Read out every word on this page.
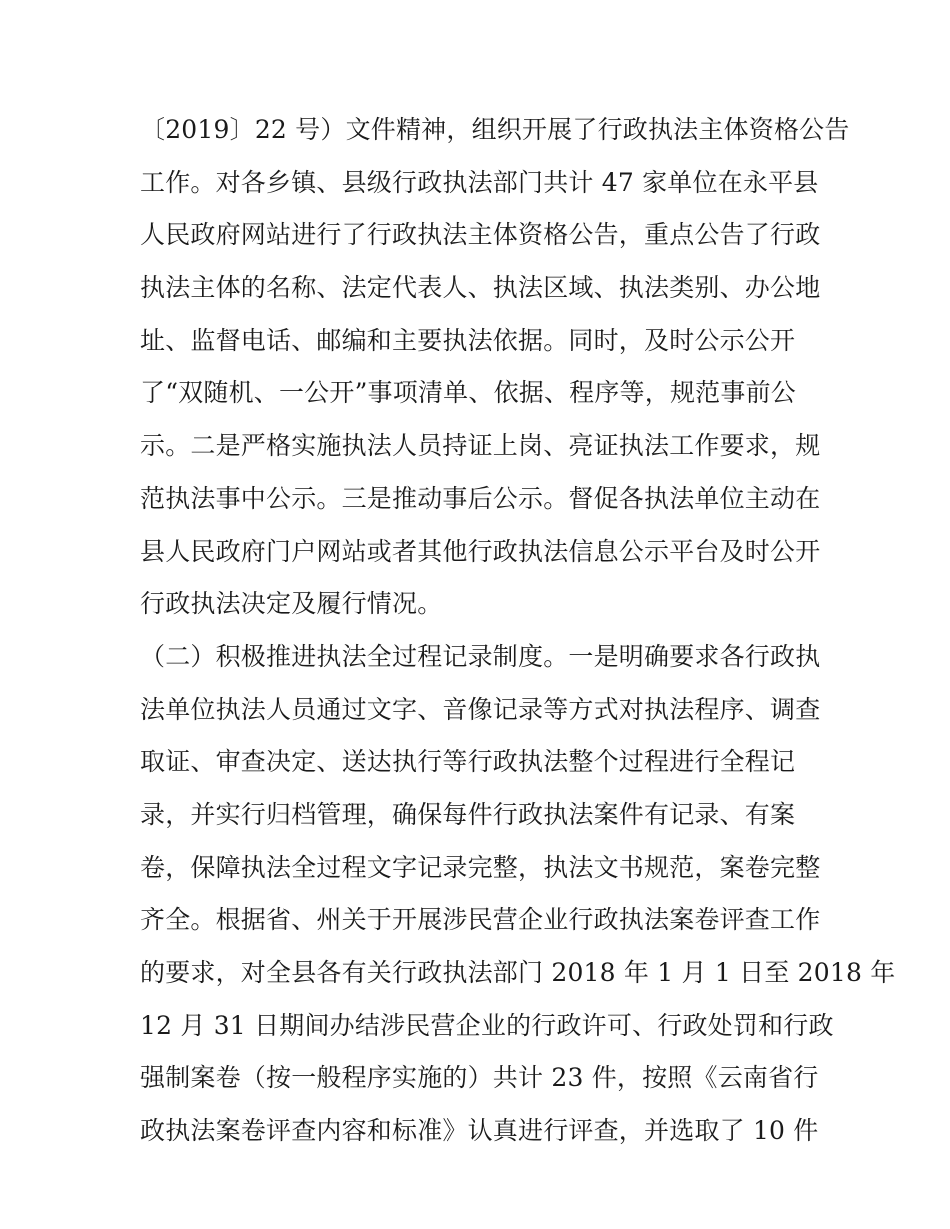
〔2019〕22 号）文件精神，组织开展了行政执法主体资格公告
工作。对各乡镇、县级行政执法部门共计 47 家单位在永平县
人民政府网站进行了行政执法主体资格公告，重点公告了行政
执法主体的名称、法定代表人、执法区域、执法类别、办公地
址、监督电话、邮编和主要执法依据。同时，及时公示公开
了“双随机、一公开”事项清单、依据、程序等，规范事前公
示。二是严格实施执法人员持证上岗、亮证执法工作要求，规
范执法事中公示。三是推动事后公示。督促各执法单位主动在
县人民政府门户网站或者其他行政执法信息公示平台及时公开
行政执法决定及履行情况。
（二）积极推进执法全过程记录制度。一是明确要求各行政执
法单位执法人员通过文字、音像记录等方式对执法程序、调查
取证、审查决定、送达执行等行政执法整个过程进行全程记
录，并实行归档管理，确保每件行政执法案件有记录、有案
卷，保障执法全过程文字记录完整，执法文书规范，案卷完整
齐全。根据省、州关于开展涉民营企业行政执法案卷评查工作
的要求，对全县各有关行政执法部门 2018 年 1 月 1 日至 2018 年
12 月 31 日期间办结涉民营企业的行政许可、行政处罚和行政
强制案卷（按一般程序实施的）共计 23 件，按照《云南省行
政执法案卷评查内容和标准》认真进行评查，并选取了 10 件
